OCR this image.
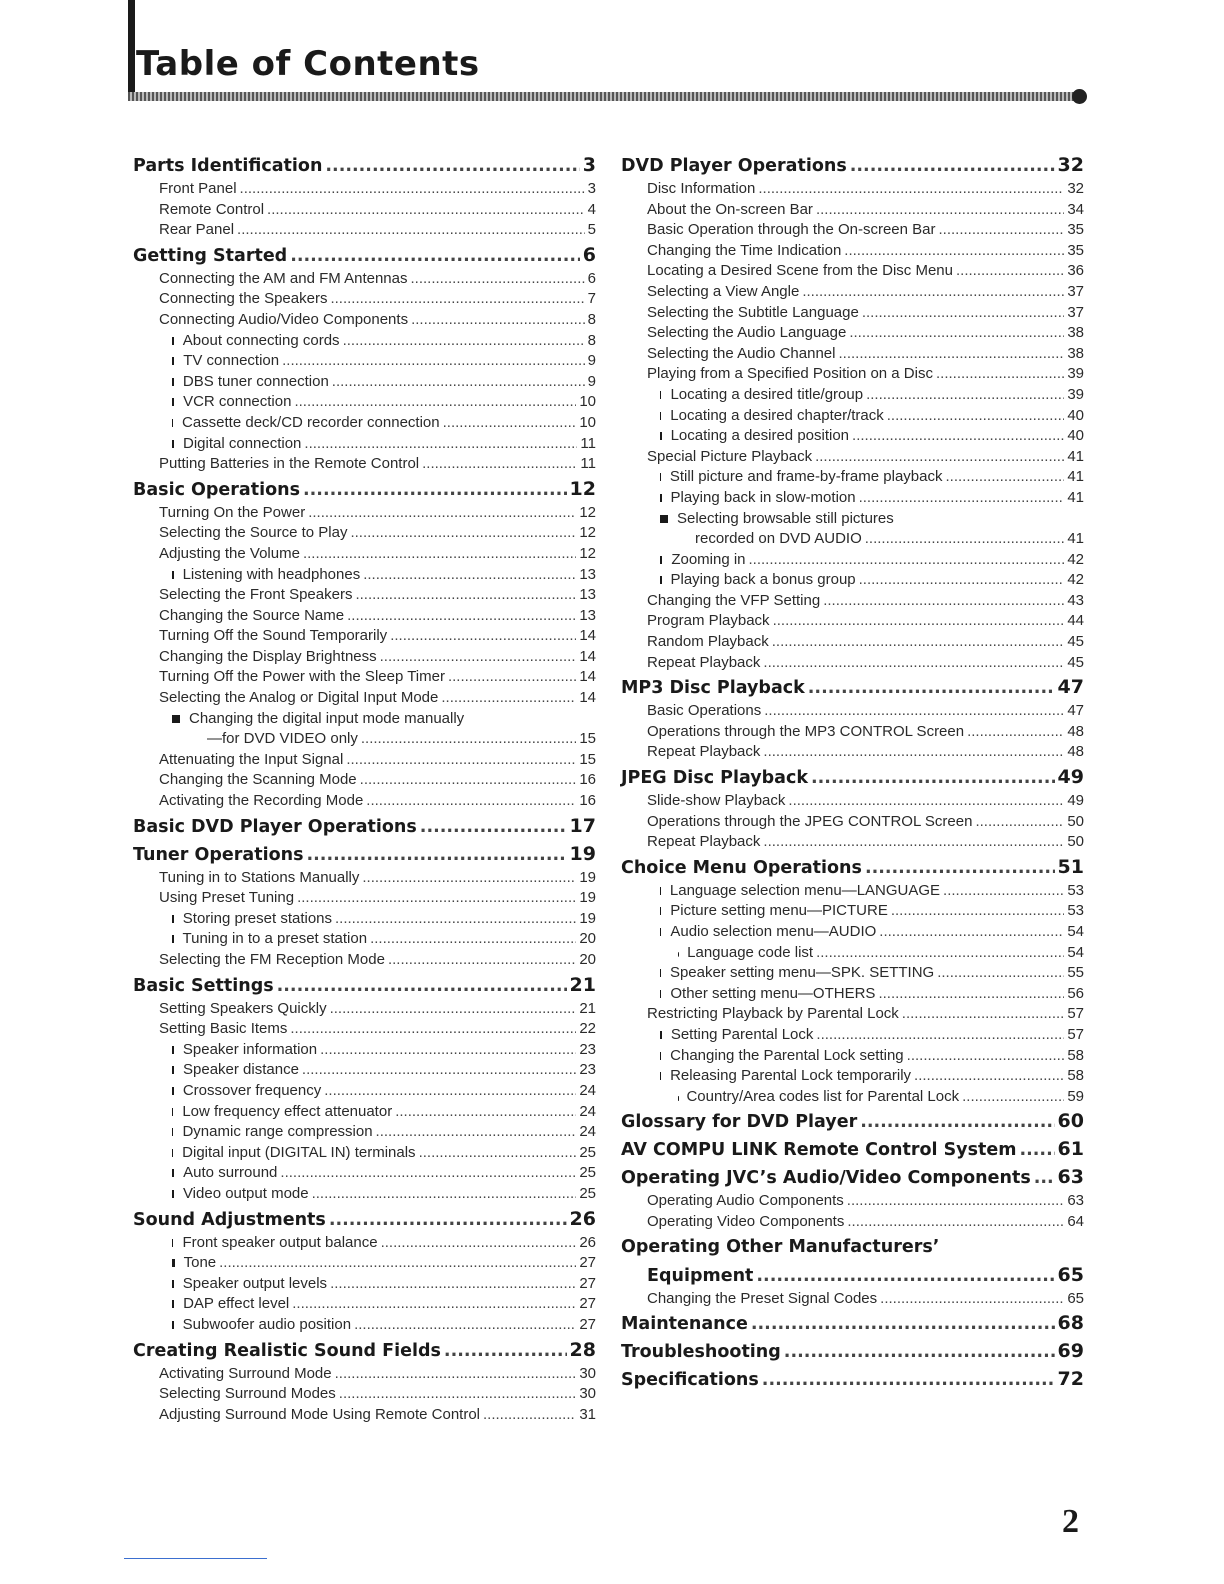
Table of Contents
Parts Identification .....	3
Front Panel .....	3
Remote Control .....	4
Rear Panel .....	5
Getting Started .....	6
Connecting the AM and FM Antennas .....	6
Connecting the Speakers .....	7
Connecting Audio/Video Components .....	8
About connecting cords .....	8
TV connection .....	9
DBS tuner connection .....	9
VCR connection .....	10
Cassette deck/CD recorder connection .....	10
Digital connection .....	11
Putting Batteries in the Remote Control .....	11
Basic Operations .....	12
Turning On the Power .....	12
Selecting the Source to Play .....	12
Adjusting the Volume .....	12
Listening with headphones .....	13
Selecting the Front Speakers .....	13
Changing the Source Name .....	13
Turning Off the Sound Temporarily .....	14
Changing the Display Brightness .....	14
Turning Off the Power with the Sleep Timer .....	14
Selecting the Analog or Digital Input Mode .....	14
Changing the digital input mode manually
—for DVD VIDEO only .....	15
Attenuating the Input Signal .....	15
Changing the Scanning Mode .....	16
Activating the Recording Mode .....	16
Basic DVD Player Operations .....	17
Tuner Operations .....	19
Tuning in to Stations Manually .....	19
Using Preset Tuning .....	19
Storing preset stations .....	19
Tuning in to a preset station .....	20
Selecting the FM Reception Mode .....	20
Basic Settings .....	21
Setting Speakers Quickly .....	21
Setting Basic Items .....	22
Speaker information .....	23
Speaker distance .....	23
Crossover frequency .....	24
Low frequency effect attenuator .....	24
Dynamic range compression .....	24
Digital input (DIGITAL IN) terminals .....	25
Auto surround .....	25
Video output mode .....	25
Sound Adjustments .....	26
Front speaker output balance .....	26
Tone .....	27
Speaker output levels .....	27
DAP effect level .....	27
Subwoofer audio position .....	27
Creating Realistic Sound Fields .....	28
Activating Surround Mode .....	30
Selecting Surround Modes .....	30
Adjusting Surround Mode Using Remote Control .....	31
DVD Player Operations .....	32
Disc Information .....	32
About the On-screen Bar .....	34
Basic Operation through the On-screen Bar .....	35
Changing the Time Indication .....	35
Locating a Desired Scene from the Disc Menu .....	36
Selecting a View Angle .....	37
Selecting the Subtitle Language .....	37
Selecting the Audio Language .....	38
Selecting the Audio Channel .....	38
Playing from a Specified Position on a Disc .....	39
Locating a desired title/group .....	39
Locating a desired chapter/track .....	40
Locating a desired position .....	40
Special Picture Playback .....	41
Still picture and frame-by-frame playback .....	41
Playing back in slow-motion .....	41
Selecting browsable still pictures
recorded on DVD AUDIO .....	41
Zooming in .....	42
Playing back a bonus group .....	42
Changing the VFP Setting .....	43
Program Playback .....	44
Random Playback .....	45
Repeat Playback .....	45
MP3 Disc Playback .....	47
Basic Operations .....	47
Operations through the MP3 CONTROL Screen .....	48
Repeat Playback .....	48
JPEG Disc Playback .....	49
Slide-show Playback .....	49
Operations through the JPEG CONTROL Screen .....	50
Repeat Playback .....	50
Choice Menu Operations .....	51
Language selection menu—LANGUAGE .....	53
Picture setting menu—PICTURE .....	53
Audio selection menu—AUDIO .....	54
Language code list .....	54
Speaker setting menu—SPK. SETTING .....	55
Other setting menu—OTHERS .....	56
Restricting Playback by Parental Lock .....	57
Setting Parental Lock .....	57
Changing the Parental Lock setting .....	58
Releasing Parental Lock temporarily .....	58
Country/Area codes list for Parental Lock .....	59
Glossary for DVD Player .....	60
AV COMPU LINK Remote Control System ..... 61
Operating JVC’s Audio/Video Components ..... 63
Operating Audio Components .....	63
Operating Video Components .....	64
Operating Other Manufacturers’
Equipment .....	65
Changing the Preset Signal Codes .....	65
Maintenance .....	68
Troubleshooting .....	69
Specifications .....	72
2
